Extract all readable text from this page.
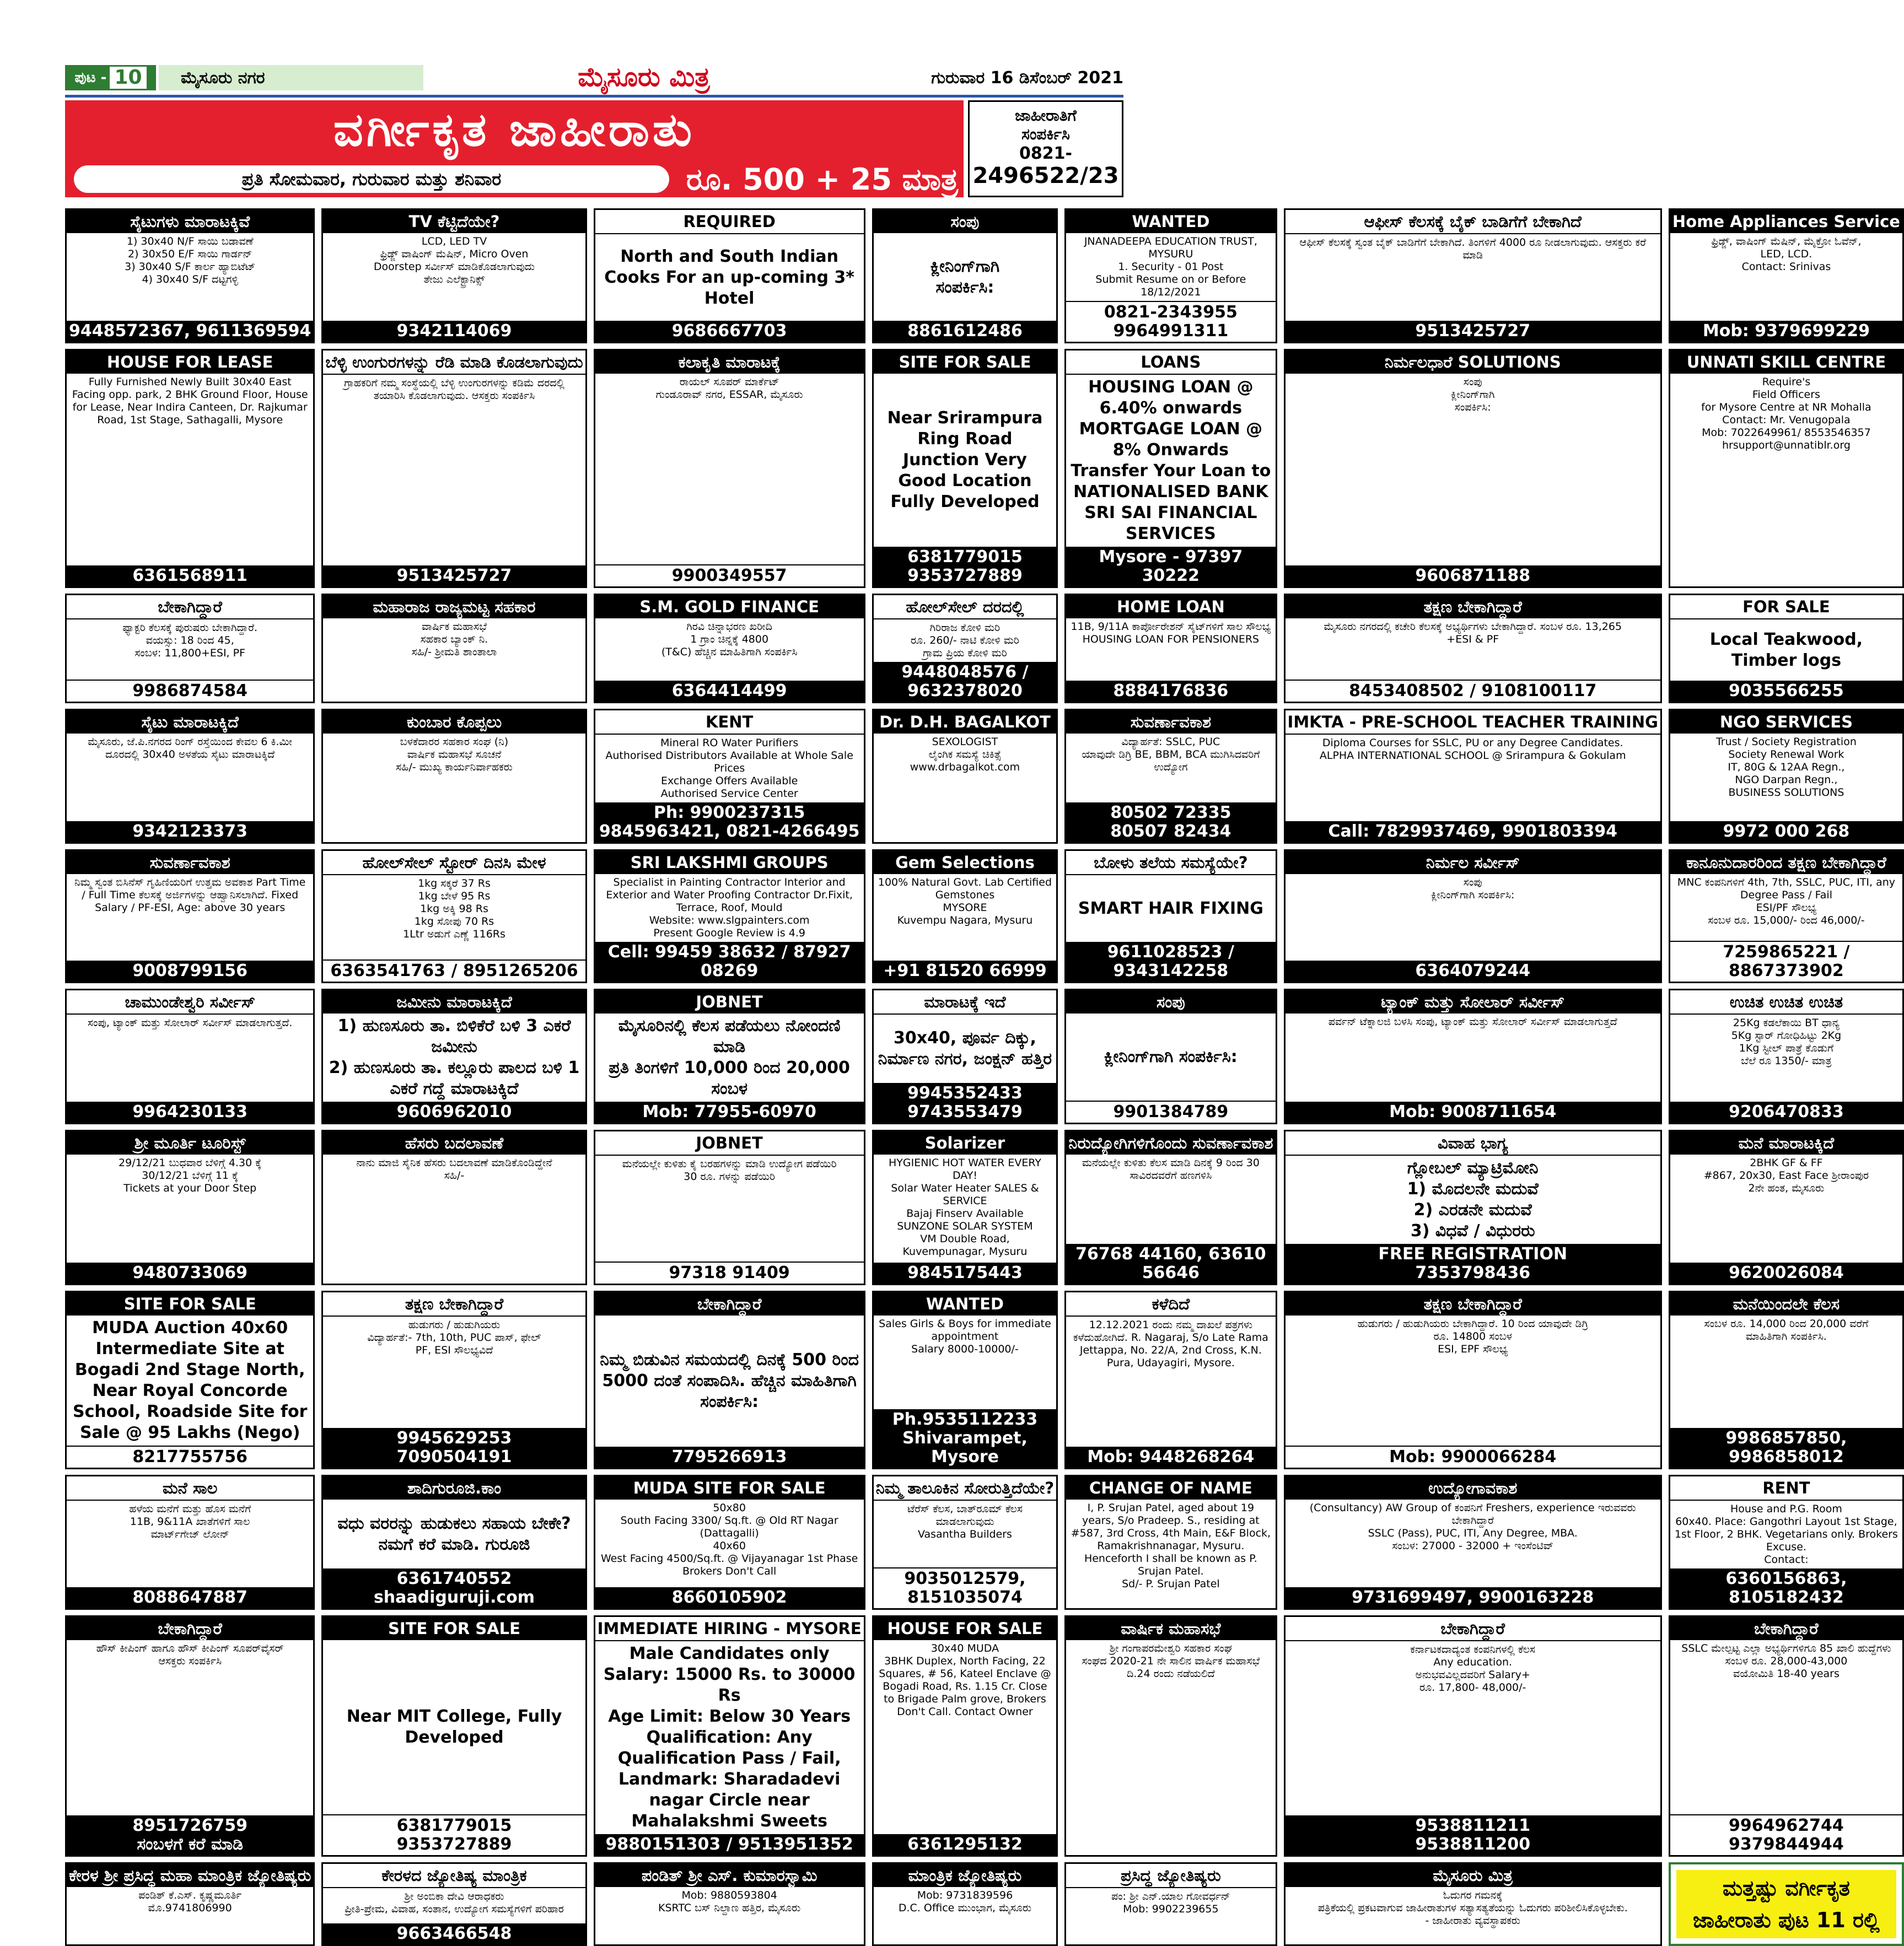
ಪುಟ - 10	ಮೈಸೂರು ನಗರ	ಮೈಸೂರು ಮಿತ್ರ	ಗುರುವಾರ 16 ಡಿಸೆಂಬರ್ 2021
ವರ್ಗೀಕೃತ ಜಾಹೀರಾತು
ಪ್ರತಿ ಸೋಮವಾರ, ಗುರುವಾರ ಮತ್ತು ಶನಿವಾರ	ರೂ. 500 + 25 ಮಾತ್ರ
ಜಾಹೀರಾತಿಗೆ
ಸಂಪರ್ಕಿಸಿ
0821-
2496522/23
ಸೈಟುಗಳು ಮಾರಾಟಕ್ಕಿವೆ
1) 30x40 N/F ಸಾಯಿ ಬಡಾವಣೆ
2) 30x50 E/F ಸಾಯಿ ಗಾರ್ಡನ್
3) 30x40 S/F ಕಾರ್ಲ ಹ್ಯಾಬಿಟೆಟ್
4) 30x40 S/F ದಟ್ಟಗಳ್ಳಿ
9448572367, 9611369594
TV ಕೆಟ್ಟಿದೆಯೇ?
LCD, LED TV
ಫ್ರಿಡ್ಜ್ ವಾಷಿಂಗ್ ಮೆಷಿನ್, Micro Oven
Doorstep ಸರ್ವೀಸ್ ಮಾಡಿಕೊಡಲಾಗುವುದು
ತೇಜು ಎಲೆಕ್ಟ್ರಾನಿಕ್ಸ್
9342114069
REQUIRED
North and South Indian Cooks For an up-coming 3* Hotel
9686667703
ಸಂಪು
ಕ್ಲೀನಿಂಗ್‌ಗಾಗಿ
ಸಂಪರ್ಕಿಸಿ:
8861612486
WANTED
JNANADEEPA EDUCATION TRUST, MYSURU
1. Security - 01 Post
Submit Resume on or Before 18/12/2021
0821-2343955
9964991311
ಆಫೀಸ್ ಕೆಲಸಕ್ಕೆ ಬೈಕ್ ಬಾಡಿಗೆಗೆ ಬೇಕಾಗಿದೆ
ಆಫೀಸ್ ಕೆಲಸಕ್ಕೆ ಸ್ವಂತ ಬೈಕ್ ಬಾಡಿಗೆಗೆ ಬೇಕಾಗಿದೆ. ತಿಂಗಳಿಗೆ 4000 ರೂ ನೀಡಲಾಗುವುದು. ಆಸಕ್ತರು ಕರೆ ಮಾಡಿ
9513425727
Home Appliances Service
ಫ್ರಿಡ್ಜ್, ವಾಷಿಂಗ್ ಮೆಷಿನ್, ಮೈಕ್ರೋ ಓವೆನ್,
LED, LCD.
Contact: Srinivas
Mob: 9379699229
HOUSE FOR LEASE
Fully Furnished Newly Built 30x40 East Facing opp. park, 2 BHK Ground Floor, House for Lease, Near Indira Canteen, Dr. Rajkumar Road, 1st Stage, Sathagalli, Mysore
6361568911
ಬೆಳ್ಳಿ ಉಂಗುರಗಳನ್ನು ರೆಡಿ ಮಾಡಿ ಕೊಡಲಾಗುವುದು
ಗ್ರಾಹಕರಿಗೆ ನಮ್ಮ ಸಂಸ್ಥೆಯಲ್ಲಿ ಬೆಳ್ಳಿ ಉಂಗುರಗಳನ್ನು ಕಡಿಮೆ ದರದಲ್ಲಿ ತಯಾರಿಸಿ ಕೊಡಲಾಗುವುದು. ಆಸಕ್ತರು ಸಂಪರ್ಕಿಸಿ
9513425727
ಕಲಾಕೃತಿ ಮಾರಾಟಕ್ಕೆ
ರಾಯಲ್ ಸೂಪರ್ ಮಾರ್ಕೆಟ್
ಗುಂಡೂರಾವ್ ನಗರ, ESSAR, ಮೈಸೂರು
9900349557
SITE FOR SALE
Near Srirampura Ring Road Junction Very Good Location Fully Developed
6381779015
9353727889
LOANS
HOUSING LOAN @ 6.40% onwards
MORTGAGE LOAN @ 8% Onwards
Transfer Your Loan to NATIONALISED BANK
SRI SAI FINANCIAL SERVICES
Mysore - 97397 30222
ನಿರ್ಮಲಧಾರೆ SOLUTIONS
ಸಂಪು
ಕ್ಲೀನಿಂಗ್‌ಗಾಗಿ
ಸಂಪರ್ಕಿಸಿ:
9606871188
UNNATI SKILL CENTRE
Require's
Field Officers
for Mysore Centre at NR Mohalla
Contact: Mr. Venugopala
Mob: 7022649961/ 8553546357
hrsupport@unnatiblr.org
ಬೇಕಾಗಿದ್ದಾರೆ
ಫ್ಯಾಕ್ಟರಿ ಕೆಲಸಕ್ಕೆ ಪುರುಷರು ಬೇಕಾಗಿದ್ದಾರೆ.
ವಯಸ್ಸು: 18 ರಿಂದ 45,
ಸಂಬಳ: 11,800+ESI, PF
9986874584
ಮಹಾರಾಜ ರಾಜ್ಯಮಟ್ಟ ಸಹಕಾರ
ವಾರ್ಷಿಕ ಮಹಾಸಭೆ
ಸಹಕಾರ ಬ್ಯಾಂಕ್ ನಿ.
ಸಹಿ/- ಶ್ರೀಮತಿ ಶಾಂತಾಲಾ
S.M. GOLD FINANCE
ಗಿರವಿ ಚಿನ್ನಾಭರಣ ಖರೀದಿ
1 ಗ್ರಾಂ ಚಿನ್ನಕ್ಕೆ 4800
(T&C) ಹೆಚ್ಚಿನ ಮಾಹಿತಿಗಾಗಿ ಸಂಪರ್ಕಿಸಿ
6364414499
ಹೋಲ್‌ಸೇಲ್ ದರದಲ್ಲಿ
ಗಿರಿರಾಜ ಕೋಳಿ ಮರಿ
ರೂ. 260/- ನಾಟಿ ಕೋಳಿ ಮರಿ
ಗ್ರಾಮ ಪ್ರಿಯ ಕೋಳಿ ಮರಿ
9448048576 / 9632378020
HOME LOAN
11B, 9/11A ಕಾರ್ಪೋರೇಶನ್ ಸೈಟ್‌ಗಳಿಗೆ ಸಾಲ ಸೌಲಭ್ಯ
HOUSING LOAN FOR PENSIONERS
8884176836
ತಕ್ಷಣ ಬೇಕಾಗಿದ್ದಾರೆ
ಮೈಸೂರು ನಗರದಲ್ಲಿ ಕಚೇರಿ ಕೆಲಸಕ್ಕೆ ಅಭ್ಯರ್ಥಿಗಳು ಬೇಕಾಗಿದ್ದಾರೆ. ಸಂಬಳ ರೂ. 13,265
+ESI & PF
8453408502 / 9108100117
FOR SALE
Local Teakwood, Timber logs
9035566255
ಸೈಟು ಮಾರಾಟಕ್ಕಿದೆ
ಮೈಸೂರು, ಜೆ.ಪಿ.ನಗರದ ರಿಂಗ್ ರಸ್ತೆಯಿಂದ ಕೇವಲ 6 ಕಿ.ಮೀ ದೂರದಲ್ಲಿ 30x40 ಅಳತೆಯ ಸೈಟು ಮಾರಾಟಕ್ಕಿದೆ
9342123373
ಕುಂಬಾರ ಕೊಪ್ಪಲು
ಬಳಕೆದಾರರ ಸಹಕಾರ ಸಂಘ (ನಿ)
ವಾರ್ಷಿಕ ಮಹಾಸಭೆ ಸೂಚನೆ
ಸಹಿ/- ಮುಖ್ಯ ಕಾರ್ಯನಿರ್ವಾಹಕರು
KENT
Mineral RO Water Purifiers
Authorised Distributors Available at Whole Sale Prices
Exchange Offers Available
Authorised Service Center
Ph: 9900237315
9845963421, 0821-4266495
Dr. D.H. BAGALKOT
SEXOLOGIST
ಲೈಂಗಿಕ ಸಮಸ್ಯೆ ಚಿಕಿತ್ಸೆ
www.drbagalkot.com
ಸುವರ್ಣಾವಕಾಶ
ವಿದ್ಯಾರ್ಹತೆ: SSLC, PUC
ಯಾವುದೇ ಡಿಗ್ರಿ BE, BBM, BCA ಮುಗಿಸಿದವರಿಗೆ ಉದ್ಯೋಗ
80502 72335
80507 82434
IMKTA - PRE-SCHOOL TEACHER TRAINING
Diploma Courses for SSLC, PU or any Degree Candidates.
ALPHA INTERNATIONAL SCHOOL @ Srirampura & Gokulam
Call: 7829937469, 9901803394
NGO SERVICES
Trust / Society Registration
Society Renewal Work
IT, 80G & 12AA Regn.,
NGO Darpan Regn.,
BUSINESS SOLUTIONS
9972 000 268
ಸುವರ್ಣಾವಕಾಶ
ನಿಮ್ಮ ಸ್ವಂತ ಬಿಸಿನೆಸ್ ಗೃಹಿಣಿಯರಿಗೆ ಉತ್ತಮ ಅವಕಾಶ Part Time / Full Time ಕೆಲಸಕ್ಕೆ ಅರ್ಜಿಗಳನ್ನು ಆಹ್ವಾನಿಸಲಾಗಿದೆ. Fixed Salary / PF-ESI, Age: above 30 years
9008799156
ಹೋಲ್‌ಸೇಲ್ ಸ್ಟೋರ್ ದಿನಸಿ ಮೇಳ
1kg ಸಕ್ಕರೆ 37 Rs
1kg ಬೇಳೆ 95 Rs
1kg ಅಕ್ಕಿ 98 Rs
1kg ಸೋಪು 70 Rs
1Ltr ಅಡುಗೆ ಎಣ್ಣೆ 116Rs
6363541763 / 8951265206
SRI LAKSHMI GROUPS
Specialist in Painting Contractor Interior and Exterior and Water Proofing Contractor Dr.Fixit, Terrace, Roof, Mould
Website: www.slgpainters.com
Present Google Review is 4.9
Cell: 99459 38632 / 87927 08269
Gem Selections
100% Natural Govt. Lab Certified Gemstones
MYSORE
Kuvempu Nagara, Mysuru
+91 81520 66999
ಬೋಳು ತಲೆಯ ಸಮಸ್ಯೆಯೇ?
SMART HAIR FIXING
9611028523 / 9343142258
ನಿರ್ಮಲ ಸರ್ವೀಸ್
ಸಂಪು
ಕ್ಲೀನಿಂಗ್‌ಗಾಗಿ ಸಂಪರ್ಕಿಸಿ:
6364079244
ಕಾನೂನುದಾರರಿಂದ ತಕ್ಷಣ ಬೇಕಾಗಿದ್ದಾರೆ
MNC ಕಂಪನಿಗಳಿಗೆ 4th, 7th, SSLC, PUC, ITI, any Degree Pass / Fail
ESI/PF ಸೌಲಭ್ಯ
ಸಂಬಳ ರೂ. 15,000/- ರಿಂದ 46,000/-
7259865221 / 8867373902
ಚಾಮುಂಡೇಶ್ವರಿ ಸರ್ವೀಸ್
ಸಂಪು, ಟ್ಯಾಂಕ್ ಮತ್ತು ಸೋಲಾರ್ ಸರ್ವೀಸ್ ಮಾಡಲಾಗುತ್ತದೆ.
9964230133
ಜಮೀನು ಮಾರಾಟಕ್ಕಿದೆ
1) ಹುಣಸೂರು ತಾ. ಬಿಳಿಕೆರೆ ಬಳಿ 3 ಎಕರೆ ಜಮೀನು
2) ಹುಣಸೂರು ತಾ. ಕಲ್ಲೂರು ಪಾಲದ ಬಳಿ 1 ಎಕರೆ ಗದ್ದೆ ಮಾರಾಟಕ್ಕಿದೆ
9606962010
JOBNET
ಮೈಸೂರಿನಲ್ಲಿ ಕೆಲಸ ಪಡೆಯಲು ನೋಂದಣಿ ಮಾಡಿ
ಪ್ರತಿ ತಿಂಗಳಿಗೆ 10,000 ರಿಂದ 20,000 ಸಂಬಳ
Mob: 77955-60970
ಮಾರಾಟಕ್ಕೆ ಇದೆ
30x40, ಪೂರ್ವ ದಿಕ್ಕು, ನಿರ್ಮಾಣ ನಗರ, ಜಂಕ್ಷನ್ ಹತ್ತಿರ
9945352433
9743553479
ಸಂಪು
ಕ್ಲೀನಿಂಗ್‌ಗಾಗಿ ಸಂಪರ್ಕಿಸಿ:
9901384789
ಟ್ಯಾಂಕ್ ಮತ್ತು ಸೋಲಾರ್ ಸರ್ವೀಸ್
ಪರ್ವನ್ ಟೆಕ್ನಾಲಜಿ ಬಳಸಿ ಸಂಪು, ಟ್ಯಾಂಕ್ ಮತ್ತು ಸೋಲಾರ್ ಸರ್ವೀಸ್ ಮಾಡಲಾಗುತ್ತದೆ
Mob: 9008711654
ಉಚಿತ ಉಚಿತ ಉಚಿತ
25Kg ಕಡಲೆಕಾಯಿ BT ಧಾನ್ಯ
5Kg ಸ್ಟಾರ್ ಗೋಧಿಹಿಟ್ಟು 2Kg
1Kg ಸ್ಟೀಲ್ ಪಾತ್ರೆ ಕೊಡುಗೆ
ಬೆಲೆ ರೂ 1350/- ಮಾತ್ರ
9206470833
ಶ್ರೀ ಮೂರ್ತಿ ಟೂರಿಸ್ಟ್
29/12/21 ಬುಧವಾರ ಬೆಳಿಗ್ಗೆ 4.30 ಕ್ಕೆ
30/12/21 ಬೆಳಿಗ್ಗೆ 11 ಕ್ಕೆ
Tickets at your Door Step
9480733069
ಹೆಸರು ಬದಲಾವಣೆ
ನಾನು ಮಾಜಿ ಸೈನಿಕ ಹೆಸರು ಬದಲಾವಣೆ ಮಾಡಿಕೊಂಡಿದ್ದೇನೆ
ಸಹಿ/-
JOBNET
ಮನೆಯಲ್ಲೇ ಕುಳಿತು ಕೈ ಬರಹಗಳನ್ನು ಮಾಡಿ ಉದ್ಯೋಗ ಪಡೆಯಿರಿ
30 ರೂ. ಗಳನ್ನು ಪಡೆಯಿರಿ
97318 91409
Solarizer
HYGIENIC HOT WATER EVERY DAY!
Solar Water Heater SALES & SERVICE
Bajaj Finserv Available
SUNZONE SOLAR SYSTEM
VM Double Road, Kuvempunagar, Mysuru
9845175443
ನಿರುದ್ಯೋಗಿಗಳಿಗೊಂದು ಸುವರ್ಣಾವಕಾಶ
ಮನೆಯಲ್ಲೇ ಕುಳಿತು ಕೆಲಸ ಮಾಡಿ ದಿನಕ್ಕೆ 9 ರಿಂದ 30 ಸಾವಿರದವರೆಗೆ ಹಣಗಳಿಸಿ
76768 44160, 63610 56646
ವಿವಾಹ ಭಾಗ್ಯ
ಗ್ಲೋಬಲ್ ಮ್ಯಾಟ್ರಿಮೋನಿ
1) ಮೊದಲನೇ ಮದುವೆ
2) ಎರಡನೇ ಮದುವೆ
3) ವಿಧವೆ / ವಿಧುರರು
FREE REGISTRATION
7353798436
ಮನೆ ಮಾರಾಟಕ್ಕಿದೆ
2BHK GF & FF
#867, 20x30, East Face ಶ್ರೀರಾಂಪುರ
2ನೇ ಹಂತ, ಮೈಸೂರು
9620026084
SITE FOR SALE
MUDA Auction 40x60 Intermediate Site at Bogadi 2nd Stage North, Near Royal Concorde School, Roadside Site for Sale @ 95 Lakhs (Nego)
8217755756
ತಕ್ಷಣ ಬೇಕಾಗಿದ್ದಾರೆ
ಹುಡುಗರು / ಹುಡುಗಿಯರು
ವಿದ್ಯಾರ್ಹತೆ:- 7th, 10th, PUC ಪಾಸ್, ಫೇಲ್
PF, ESI ಸೌಲಭ್ಯವಿದೆ
9945629253
7090504191
ಬೇಕಾಗಿದ್ದಾರೆ
ನಿಮ್ಮ ಬಿಡುವಿನ ಸಮಯದಲ್ಲಿ ದಿನಕ್ಕೆ 500 ರಿಂದ 5000 ದಂತೆ ಸಂಪಾದಿಸಿ. ಹೆಚ್ಚಿನ ಮಾಹಿತಿಗಾಗಿ ಸಂಪರ್ಕಿಸಿ:
7795266913
WANTED
Sales Girls & Boys for immediate appointment
Salary 8000-10000/-
Ph.9535112233
Shivarampet, Mysore
ಕಳೆದಿದೆ
12.12.2021 ರಂದು ನಮ್ಮ ದಾಖಲೆ ಪತ್ರಗಳು ಕಳೆದುಹೋಗಿದೆ. R. Nagaraj, S/o Late Rama Jettappa, No. 22/A, 2nd Cross, K.N. Pura, Udayagiri, Mysore.
Mob: 9448268264
ತಕ್ಷಣ ಬೇಕಾಗಿದ್ದಾರೆ
ಹುಡುಗರು / ಹುಡುಗಿಯರು ಬೇಕಾಗಿದ್ದಾರೆ. 10 ರಿಂದ ಯಾವುದೇ ಡಿಗ್ರಿ
ರೂ. 14800 ಸಂಬಳ
ESI, EPF ಸೌಲಭ್ಯ
Mob: 9900066284
ಮನೆಯಿಂದಲೇ ಕೆಲಸ
ಸಂಬಳ ರೂ. 14,000 ರಿಂದ 20,000 ವರೆಗೆ
ಮಾಹಿತಿಗಾಗಿ ಸಂಪರ್ಕಿಸಿ.
9986857850, 9986858012
ಮನೆ ಸಾಲ
ಹಳೆಯ ಮನೆಗೆ ಮತ್ತು ಹೊಸ ಮನೆಗೆ
11B, 9&11A ಖಾತೆಗಳಿಗೆ ಸಾಲ
ಮಾರ್ಟ್‌ಗೇಜ್ ಲೋನ್
8088647887
ಶಾದಿಗುರೂಜಿ.ಕಾಂ
ವಧು ವರರನ್ನು ಹುಡುಕಲು ಸಹಾಯ ಬೇಕೇ?
ನಮಗೆ ಕರೆ ಮಾಡಿ. ಗುರೂಜಿ
6361740552
shaadiguruji.com
MUDA SITE FOR SALE
50x80
South Facing 3300/ Sq.ft. @ Old RT Nagar (Dattagalli)
40x60
West Facing 4500/Sq.ft. @ Vijayanagar 1st Phase
Brokers Don't Call
8660105902
ನಿಮ್ಮ ತಾಲೂಕಿನ ಸೋರುತ್ತಿದೆಯೇ?
ಟೆರೆಸ್ ಕೆಲಸ, ಬಾತ್‌ರೂಮ್ ಕೆಲಸ ಮಾಡಲಾಗುವುದು
Vasantha Builders
9035012579, 8151035074
CHANGE OF NAME
I, P. Srujan Patel, aged about 19 years, S/o Pradeep. S., residing at #587, 3rd Cross, 4th Main, E&F Block, Ramakrishnanagar, Mysuru. Henceforth I shall be known as P. Srujan Patel.
Sd/- P. Srujan Patel
ಉದ್ಯೋಗಾವಕಾಶ
(Consultancy) AW Group of ಕಂಪನಿಗೆ Freshers, experience ಇರುವವರು ಬೇಕಾಗಿದ್ದಾರೆ
SSLC (Pass), PUC, ITI, Any Degree, MBA.
ಸಂಬಳ: 27000 - 32000 + ಇಂಸೆಂಟಿವ್
9731699497, 9900163228
RENT
House and P.G. Room
60x40. Place: Gangothri Layout 1st Stage, 1st Floor, 2 BHK. Vegetarians only. Brokers Excuse.
Contact:
6360156863, 8105182432
ಬೇಕಾಗಿದ್ದಾರೆ
ಹೌಸ್ ಕೀಪಿಂಗ್ ಹಾಗೂ ಹೌಸ್ ಕೀಪಿಂಗ್ ಸೂಪರ್‌ವೈಸರ್
ಆಸಕ್ತರು ಸಂಪರ್ಕಿಸಿ
8951726759
ಸಂಬಳಗೆ ಕರೆ ಮಾಡಿ
SITE FOR SALE
Near MIT College, Fully Developed
6381779015
9353727889
IMMEDIATE HIRING - MYSORE
Male Candidates only
Salary: 15000 Rs. to 30000 Rs
Age Limit: Below 30 Years
Qualification: Any Qualification Pass / Fail, Landmark: Sharadadevi nagar Circle near Mahalakshmi Sweets
9880151303 / 9513951352
HOUSE FOR SALE
30x40 MUDA
3BHK Duplex, North Facing, 22 Squares, # 56, Kateel Enclave @ Bogadi Road, Rs. 1.15 Cr. Close to Brigade Palm grove, Brokers Don't Call. Contact Owner
6361295132
ವಾರ್ಷಿಕ ಮಹಾಸಭೆ
ಶ್ರೀ ಗಂಗಾಪರಮೇಶ್ವರಿ ಸಹಕಾರ ಸಂಘ
ಸಂಘದ 2020-21 ನೇ ಸಾಲಿನ ವಾರ್ಷಿಕ ಮಹಾಸಭೆ ದಿ.24 ರಂದು ನಡೆಯಲಿದೆ
ಬೇಕಾಗಿದ್ದಾರೆ
ಕರ್ನಾಟಕದಾದ್ಯಂತ ಕಂಪನಿಗಳಲ್ಲಿ ಕೆಲಸ
Any education.
ಅನುಭವವಿಲ್ಲದವರಿಗೆ Salary+
ರೂ. 17,800- 48,000/-
9538811211
9538811200
ಬೇಕಾಗಿದ್ದಾರೆ
SSLC ಮೇಲ್ಪಟ್ಟ ಎಲ್ಲಾ ಅಭ್ಯರ್ಥಿಗಳಿಗೂ 85 ಖಾಲಿ ಹುದ್ದೆಗಳು
ಸಂಬಳ ರೂ. 28,000-43,000
ವಯೋಮಿತಿ 18-40 years
9964962744
9379844944
ಕೇರಳ ಶ್ರೀ ಪ್ರಸಿದ್ಧ ಮಹಾ ಮಾಂತ್ರಿಕ ಜ್ಯೋತಿಷ್ಯರು
ಪಂಡಿತ್ ಕೆ.ಎಸ್. ಕೃಷ್ಣಮೂರ್ತಿ
ಮೊ.9741806990
ಕೇರಳದ ಜ್ಯೋತಿಷ್ಯ ಮಾಂತ್ರಿಕ
ಶ್ರೀ ಅಂಬಿಕಾ ದೇವಿ ಆರಾಧಕರು
ಪ್ರೀತಿ-ಪ್ರೇಮ, ವಿವಾಹ, ಸಂತಾನ, ಉದ್ಯೋಗ ಸಮಸ್ಯೆಗಳಿಗೆ ಪರಿಹಾರ
9663466548
ಪಂಡಿತ್ ಶ್ರೀ ಎಸ್. ಕುಮಾರಸ್ವಾಮಿ
Mob: 9880593804
KSRTC ಬಸ್ ನಿಲ್ದಾಣ ಹತ್ತಿರ, ಮೈಸೂರು
ಮಾಂತ್ರಿಕ ಜ್ಯೋತಿಷ್ಯರು
Mob: 9731839596
D.C. Office ಮುಂಭಾಗ, ಮೈಸೂರು
ಪ್ರಸಿದ್ಧ ಜ್ಯೋತಿಷ್ಯರು
ಪಂ: ಶ್ರೀ ಎನ್.ಯಾಲ ಗೋವರ್ಧನ್
Mob: 9902239655
ಮೈಸೂರು ಮಿತ್ರ
ಓದುಗರ ಗಮನಕ್ಕೆ
ಪತ್ರಿಕೆಯಲ್ಲಿ ಪ್ರಕಟವಾಗುವ ಜಾಹೀರಾತುಗಳ ಸತ್ಯಾಸತ್ಯತೆಯನ್ನು ಓದುಗರು ಪರಿಶೀಲಿಸಿಕೊಳ್ಳಬೇಕು.
- ಜಾಹೀರಾತು ವ್ಯವಸ್ಥಾಪಕರು
ಮತ್ತಷ್ಟು ವರ್ಗೀಕೃತ ಜಾಹೀರಾತು ಪುಟ 11 ರಲ್ಲಿ
